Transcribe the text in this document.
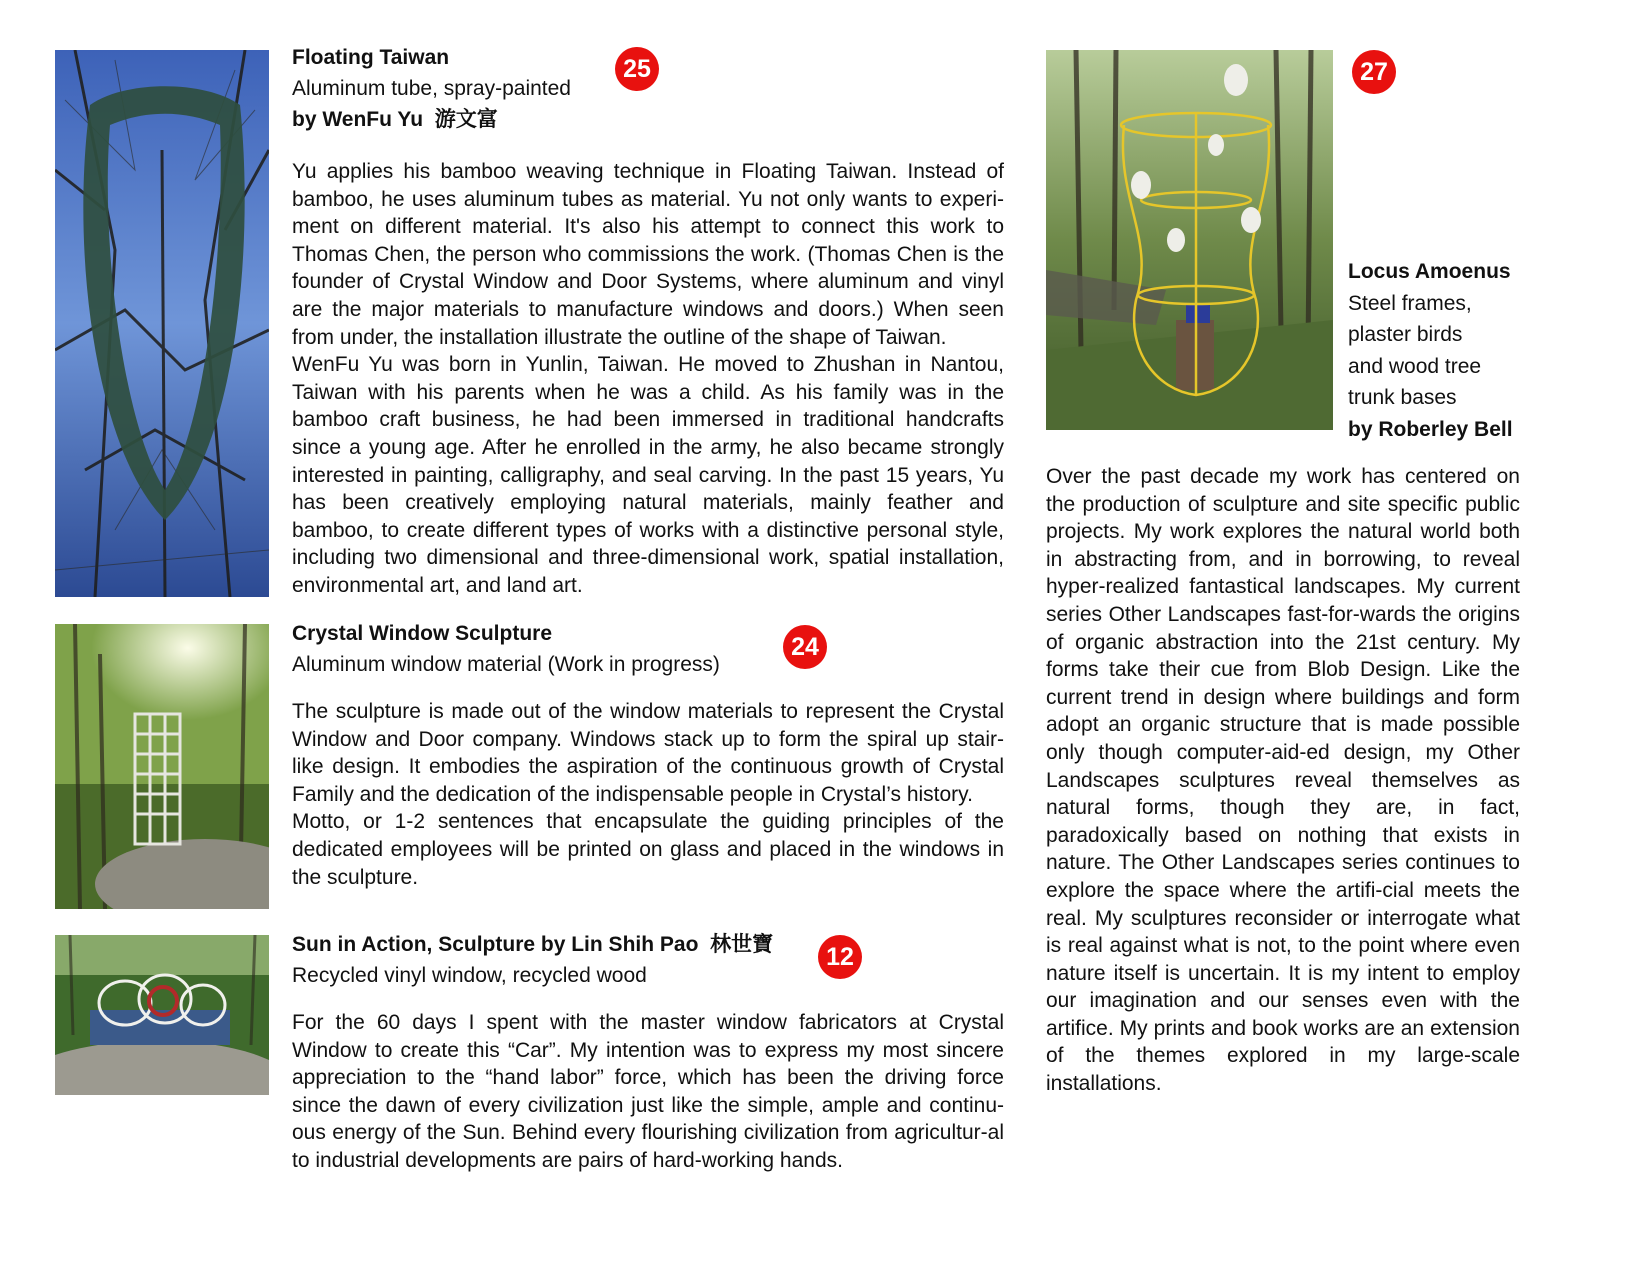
Floating Taiwan
Aluminum tube, spray-painted
by WenFu Yu  游文富
25

Yu applies his bamboo weaving technique in Floating Taiwan. Instead of bamboo, he uses aluminum tubes as material. Yu not only wants to experi-ment on different material. It's also his attempt to connect this work to Thomas Chen, the person who commissions the work. (Thomas Chen is the founder of Crystal Window and Door Systems, where aluminum and vinyl are the major materials to manufacture windows and doors.) When seen from under, the installation illustrate the outline of the shape of Taiwan.

WenFu Yu was born in Yunlin, Taiwan. He moved to Zhushan in Nantou, Taiwan with his parents when he was a child. As his family was in the bamboo craft business, he had been immersed in traditional handcrafts since a young age. After he enrolled in the army, he also became strongly interested in painting, calligraphy, and seal carving. In the past 15 years, Yu has been creatively employing natural materials, mainly feather and bamboo, to create different types of works with a distinctive personal style, including two dimensional and three-dimensional work, spatial installation, environmental art, and land art.

Crystal Window Sculpture
Aluminum window material (Work in progress)
24

The sculpture is made out of the window materials to represent the Crystal Window and Door company. Windows stack up to form the spiral up stair-like design. It embodies the aspiration of the continuous growth of Crystal Family and the dedication of the indispensable people in Crystal’s history.

Motto, or 1-2 sentences that encapsulate the guiding principles of the dedicated employees will be printed on glass and placed in the windows in the sculpture.

Sun in Action, Sculpture by Lin Shih Pao  林世寶
Recycled vinyl window, recycled wood
12

For the 60 days I spent with the master window fabricators at Crystal Window to create this “Car”. My intention was to express my most sincere appreciation to the “hand labor” force, which has been the driving force since the dawn of every civilization just like the simple, ample and continu-ous energy of the Sun. Behind every flourishing civilization from agricultur-al to industrial developments are pairs of hard-working hands.

27
Locus Amoenus
Steel frames,
plaster birds
and wood tree
trunk bases
by Roberley Bell

Over the past decade my work has centered on the production of sculpture and site specific public projects. My work explores the natural world both in abstracting from, and in borrowing, to reveal hyper-realized fantastical landscapes. My current series Other Landscapes fast-for-wards the origins of organic abstraction into the 21st century. My forms take their cue from Blob Design. Like the current trend in design where buildings and form adopt an organic structure that is made possible only though computer-aid-ed design, my Other Landscapes sculptures reveal themselves as natural forms, though they are, in fact, paradoxically based on nothing that exists in nature. The Other Landscapes series continues to explore the space where the artifi-cial meets the real. My sculptures reconsider or interrogate what is real against what is not, to the point where even nature itself is uncertain. It is my intent to employ our imagination and our senses even with the artifice. My prints and book works are an extension of the themes explored in my large-scale installations.
